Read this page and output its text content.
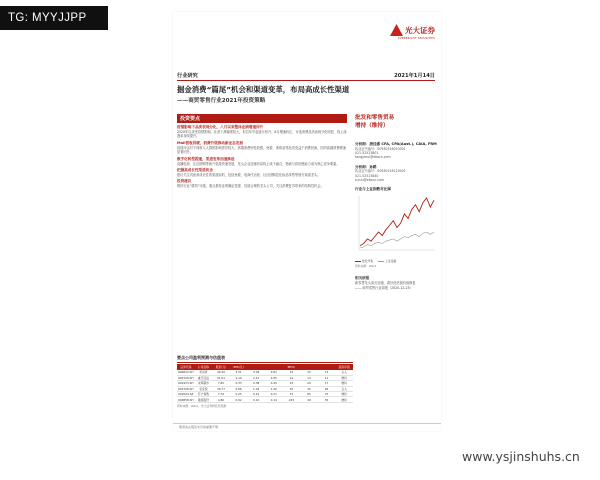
TG: MYYJJPP
光大证券
EVERBRIGHT SECURITIES
行业研究	2021年1月14日
掘金消费“篇尾”机会和渠道变革，布局高成长性渠道
——商贸零售行业2021年投资策略
投资要点
疫情影响下品类表现分化，八月以来整体业绩增速回升
2020年以来受疫情影响，社消下滑幅度较大，但自年中起逐月回升，8月增速转正，可选消费品类表现分化明显，线上渗透率持续提升。
Mall营收回暖，消费升级推动新业态发展
疫情冲击对不同收入人群的影响差异较大，高端消费韧性较强，免税、奢侈品等品类受益于消费回流，国内高端消费增速显著回升。
数字化转型提速，渠道变革加速推进
直播电商、社区团购等新兴渠道快速发展，龙头企业加速布局线上线下融合，物流与供应链能力成为核心竞争要素。
把握高成长性渠道机会
建议关注具备高成长性的渠道标的，包括免税、电商代运营、社区团购及化妆品零售等细分赛道龙头。
投资建议
维持行业“增持”评级，重点推荐业绩确定性强、估值合理的龙头公司，关注消费复苏带来的结构性机会。
批发和零售贸易
增持（维持）
分析师：唐佳睿 CFA, CPA(Aust.), CAIA, FRM
执业证书编号：S0930516020001
021-52523801
tangjiarui@ebscn.com
分析师：孙路
执业证书编号：S0930518120001
021-52523840
sunlu@ebscn.com
行业与上证指数对比图
批发零售	上证指数
资料来源：Wind
相关研报
新零售龙头成长加速，看好低估值价值修复
—— 商贸零售行业周报（2020-12-25）
要点公司盈利预测与估值表
证券代码	公司名称	股价(元)	EPS(元)			PE(X)			投资评级
600612.SH	老凤祥	49.20	3.51	3.36	3.81	14	15	13	买入
600729.SH	重庆百货	31.61	2.19	2.47	2.85	14	13	11	增持
601933.SH	永辉超市	7.65	0.33	0.38	0.45	23	20	17	增持
603708.SH	家家悦	30.77	0.88	1.02	1.20	35	30	26	买入
002024.SZ	苏宁易购	7.79	0.25	0.12	0.21	31	65	37	增持
600858.SH	银座股份	4.86	0.02	0.10	0.14	243	49	35	增持
资料来源：Wind，光大证券研究所预测
敬请务必阅读末页的重要声明
www.ysjinshuhs.cn
